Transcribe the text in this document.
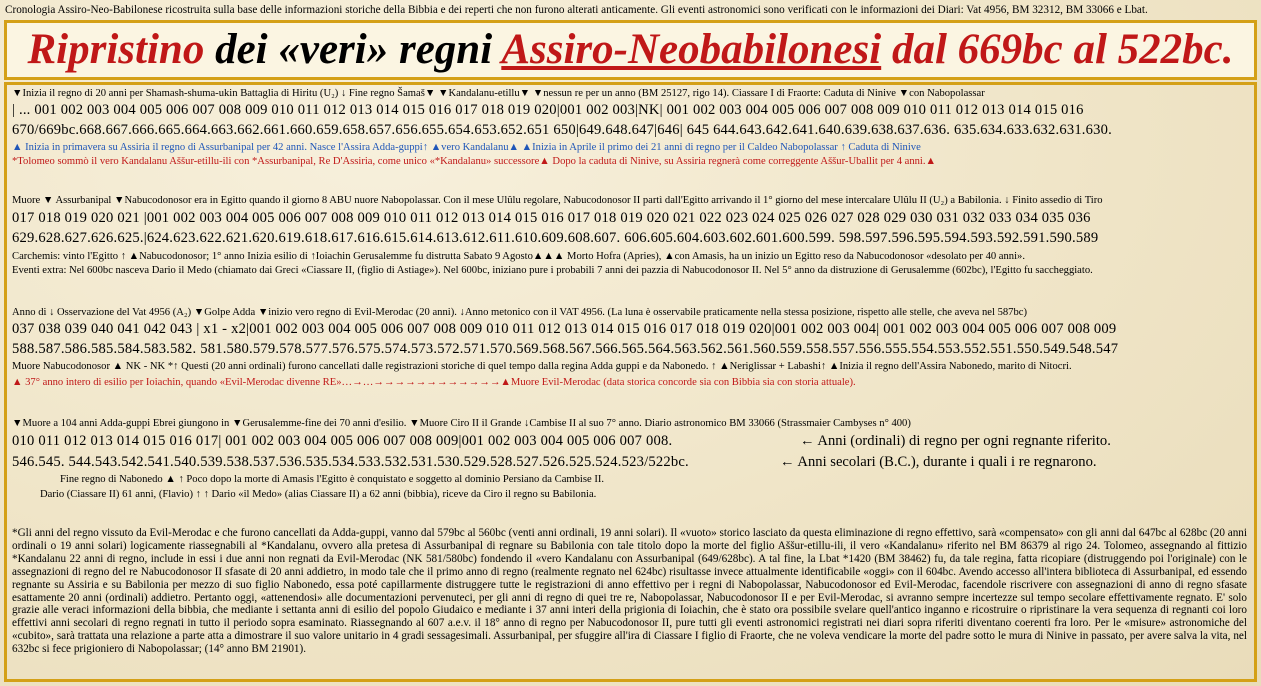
Cronologia Assiro-Neo-Babilonese ricostruita sulla base delle informazioni storiche della Bibbia e dei reperti che non furono alterati anticamente. Gli eventi astronomici sono verificati con le informazioni dei Diari: Vat 4956, BM 32312, BM 33066 e Lbat.
Ripristino dei «veri» regni Assiro-Neobabilonesi dal 669bc al 522bc.
▼Inizia il regno di 20 anni per Shamash-shuma-ukin Battaglia di Hiritu (U₂) ↓ Fine regno Šamaš▼ ▼Kandalanu-etillu▼ ▼nessun re per un anno (BM 25127, rigo 14). Ciassare I di Fraorte: Caduta di Ninive ▼con Nabopolassar
| ... 001 002 003 004 005 006 007 008 009 010 011 012 013 014 015 016 017 018 019 020|001 002 003|NK| 001 002 003 004 005 006 007 008 009 010 011 012 013 014 015 016
670/669bc.668.667.666.665.664.663.662.661.660.659.658.657.656.655.654.653.652.651 650|649.648.647|646| 645 644.643.642.641.640.639.638.637.636. 635.634.633.632.631.630.
▲ Inizia in primavera su Assiria il regno di Assurbanipal per 42 anni. Nasce l'Assira Adda-guppi↑ ▲vero Kandalanu▲ ▲Inizia in Aprile il primo dei 21 anni di regno per il Caldeo Nabopolassar ↑ Caduta di Ninive
*Tolomeo sommò il vero Kandalanu Aššur-etillu-ili con *Assurbanipal, Re D'Assiria, come unico «*Kandalanu» successore▲ Dopo la caduta di Ninive, su Assiria regnerà come correggente Aššur-Uballit per 4 anni.▲
Muore ▼ Assurbanipal ▼Nabucodonosor era in Egitto quando il giorno 8 ABU nuore Nabopolassar. Con il mese Ulûlu regolare, Nabucodonosor II partì dall'Egitto arrivando il 1° giorno del mese intercalare Ulûlu II (U₂) a Babilonia. ↓ Finito assedio di Tiro
017 018 019 020 021 |001 002 003 004 005 006 007 008 009 010 011 012 013 014 015 016 017 018 019 020 021 022 023 024 025 026 027 028 029 030 031 032 033 034 035 036
629.628.627.626.625.|624.623.622.621.620.619.618.617.616.615.614.613.612.611.610.609.608.607. 606.605.604.603.602.601.600.599. 598.597.596.595.594.593.592.591.590.589
Carchemis: vinto l'Egitto ↑ ▲Nabucodonosor; 1° anno Inizia esilio di ↑Ioiachin Gerusalemme fu distrutta Sabato 9 Agosto▲▲▲ Morto Hofra (Apries), ▲con Amasis, ha un inizio un Egitto reso da Nabucodonosor «desolato per 40 anni».
Eventi extra: Nel 600bc nasceva Dario il Medo (chiamato dai Greci «Ciassare II, (figlio di Astiage»). Nel 600bc, iniziano pure i probabili 7 anni dei pazzia di Nabucodonosor II. Nel 5° anno da distruzione di Gerusalemme (602bc), l'Egitto fu saccheggiato.
Anno di ↓ Osservazione del Vat 4956 (A₂) ▼Golpe Adda ▼inizio vero regno di Evil-Merodac (20 anni). ↓Anno metonico con il VAT 4956. (La luna è osservabile praticamente nella stessa posizione, rispetto alle stelle, che aveva nel 587bc)
037 038 039 040 041 042 043 | x1 - x2|001 002 003 004 005 006 007 008 009 010 011 012 013 014 015 016 017 018 019 020|001 002 003 004| 001 002 003 004 005 006 007 008 009
588.587.586.585.584.583.582. 581.580.579.578.577.576.575.574.573.572.571.570.569.568.567.566.565.564.563.562.561.560.559.558.557.556.555.554.553.552.551.550.549.548.547
Muore Nabucodonosor ▲ NK - NK *↑ Questi (20 anni ordinali) furono cancellati dalle registrazioni storiche di quel tempo dalla regina Adda guppi e da Nabonedo. ↑ ▲Neriglissar + Labashi↑ ▲Inizia il regno dell'Assira Nabonedo, marito di Nitocri.
▲ 37° anno intero di esilio per Ioiachin, quando «Evil-Merodac divenne RE»…→…→→→→→→→→→→→→▲Muore Evil-Merodac (data storica concorde sia con Bibbia sia con storia attuale).
▼Muore a 104 anni Adda-guppi Ebrei giungono in ▼Gerusalemme-fine dei 70 anni d'esilio. ▼Muore Ciro II il Grande ↓Cambise II al suo 7° anno. Diario astronomico BM 33066 (Strassmaier Cambyses n° 400)
010 011 012 013 014 015 016 017| 001 002 003 004 005 006 007 008 009|001 002 003 004 005 006 007 008.
546.545. 544.543.542.541.540.539.538.537.536.535.534.533.532.531.530.529.528.527.526.525.524.523/522bc.
← Anni (ordinali) di regno per ogni regnante riferito.
← Anni secolari (B.C.), durante i quali i re regnarono.
Fine regno di Nabonedo ▲ ↑ Poco dopo la morte di Amasis l'Egitto è conquistato e soggetto al dominio Persiano da Cambise II.
Dario (Ciassare II) 61 anni, (Flavio) ↑ ↑ Dario «il Medo» (alias Ciassare II) a 62 anni (bibbia), riceve da Ciro il regno su Babilonia.
*Gli anni del regno vissuto da Evil-Merodac e che furono cancellati da Adda-guppi, vanno dal 579bc al 560bc (venti anni ordinali, 19 anni solari). Il «vuoto» storico lasciato da questa eliminazione di regno effettivo, sarà «compensato» con gli anni dal 647bc al 628bc (20 anni ordinali o 19 anni solari) logicamente riassegnabili al *Kandalanu, ovvero alla pretesa di Assurbanipal di regnare su Babilonia con tale titolo dopo la morte del figlio Aššur-etillu-ili, il vero «Kandalanu» riferito nel BM 86379 al rigo 24. Tolomeo, assegnando al fittizio *Kandalanu 22 anni di regno, include in essi i due anni non regnati da Evil-Merodac (NK 581/580bc) fondendo il «vero Kandalanu con Assurbanipal (649/628bc). A tal fine, la Lbat *1420 (BM 38462) fu, da tale regina, fatta ricopiare (distruggendo poi l'originale) con le assegnazioni di regno del re Nabucodonosor II sfasate di 20 anni addietro, in modo tale che il primo anno di regno (realmente regnato nel 624bc) risultasse invece attualmente identificabile «oggi» con il 604bc. Avendo accesso all'intera biblioteca di Assurbanipal, ed essendo regnante su Assiria e su Babilonia per mezzo di suo figlio Nabonedo, essa poté capillarmente distruggere tutte le registrazioni di anno effettivo per i regni di Nabopolassar, Nabucodonosor ed Evil-Merodac, facendole riscrivere con assegnazioni di anno di regno sfasate esattamente 20 anni (ordinali) addietro. Pertanto oggi, «attenendosi» alle documentazioni pervenuteci, per gli anni di regno di quei tre re, Nabopolassar, Nabucodonosor II e per Evil-Merodac, si avranno sempre incertezze sul tempo secolare effettivamente regnato. E' solo grazie alle veraci informazioni della bibbia, che mediante i settanta anni di esilio del popolo Giudaico e mediante i 37 anni interi della prigionia di Ioiachin, che è stato ora possibile svelare quell'antico inganno e ricostruire o ripristinare la vera sequenza di regnanti coi loro effettivi anni secolari di regno regnati in tutto il periodo sopra esaminato. Riassegnando al 607 a.e.v. il 18° anno di regno per Nabucodonosor II, pure tutti gli eventi astronomici registrati nei diari sopra riferiti diventano coerenti fra loro. Per le «misure» astronomiche del «cubito», sarà trattata una relazione a parte atta a dimostrare il suo valore unitario in 4 gradi sessagesimali. Assurbanipal, per sfuggire all'ira di Ciassare I figlio di Fraorte, che ne voleva vendicare la morte del padre sotto le mura di Ninive in passato, per avere salva la vita, nel 632bc si fece prigioniero di Nabopolassar; (14° anno BM 21901).
